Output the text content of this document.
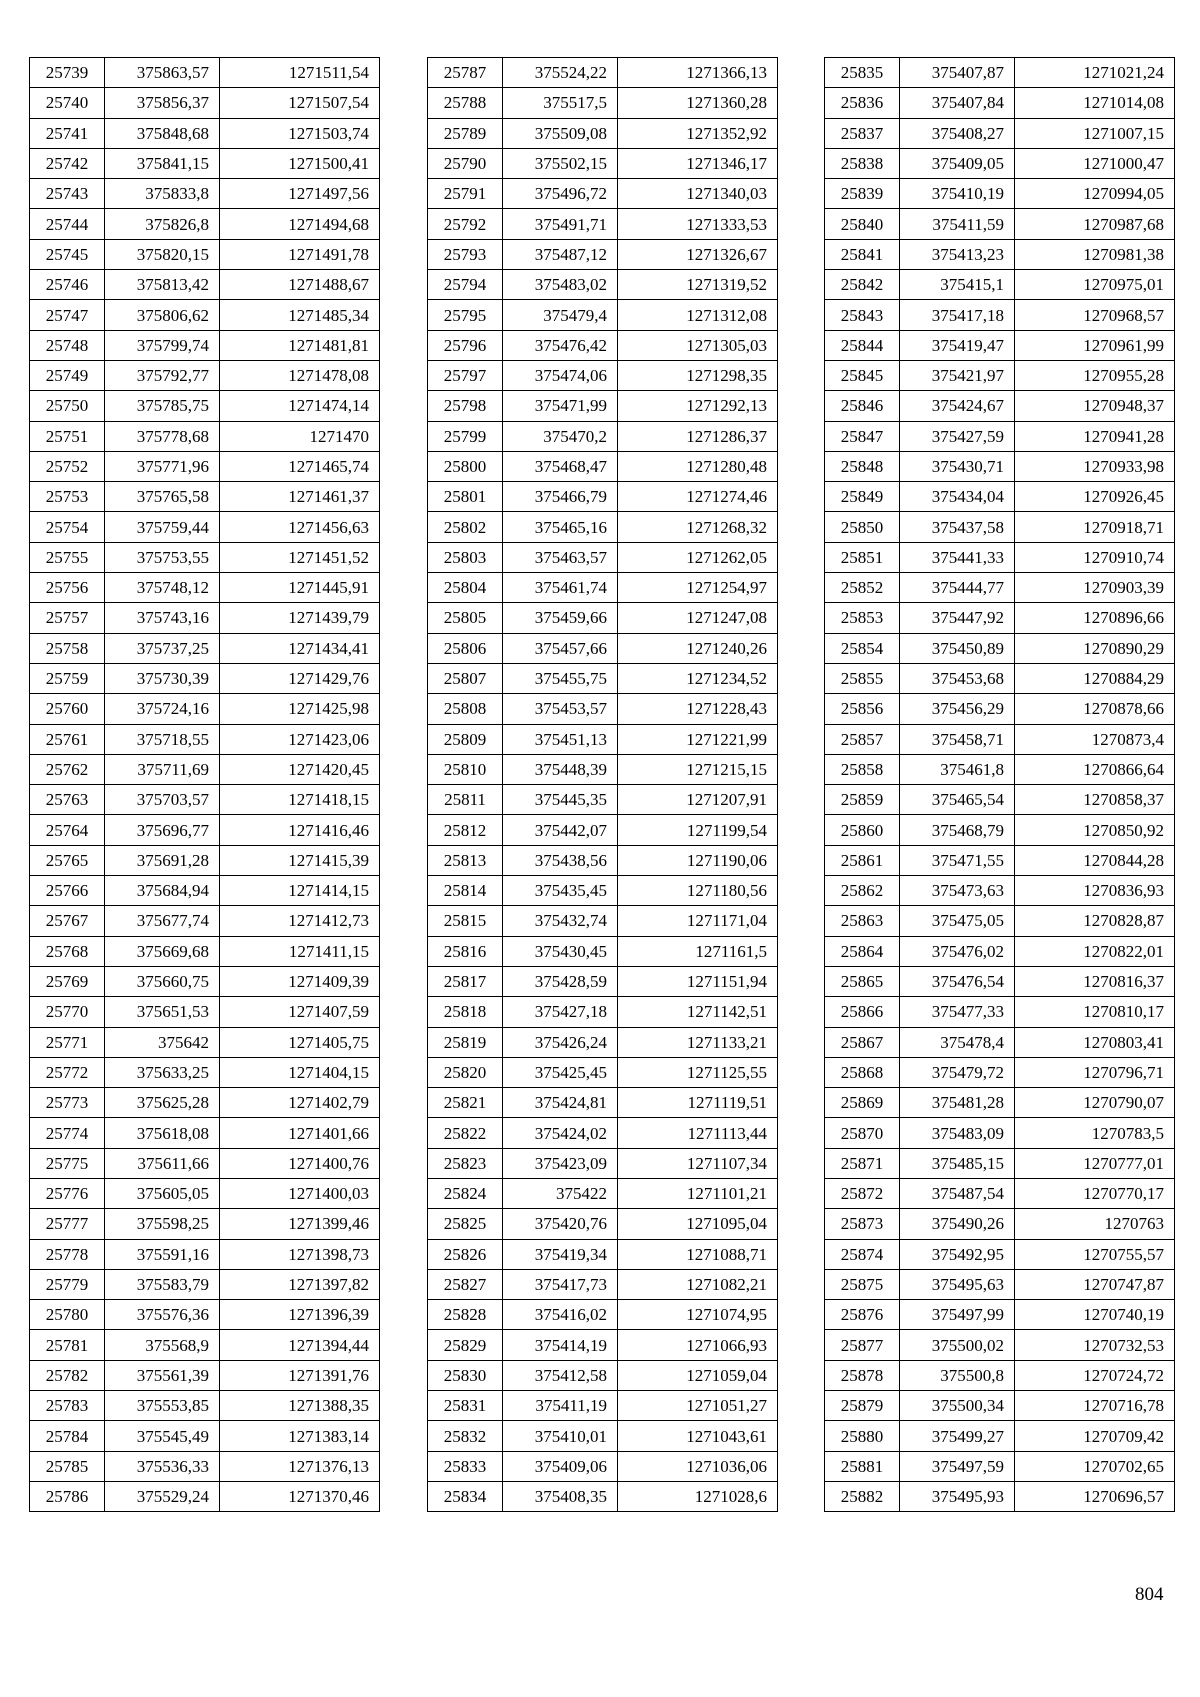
25739	375863,57	1271511,54
25740	375856,37	1271507,54
25741	375848,68	1271503,74
25742	375841,15	1271500,41
25743	375833,8	1271497,56
25744	375826,8	1271494,68
25745	375820,15	1271491,78
25746	375813,42	1271488,67
25747	375806,62	1271485,34
25748	375799,74	1271481,81
25749	375792,77	1271478,08
25750	375785,75	1271474,14
25751	375778,68	1271470
25752	375771,96	1271465,74
25753	375765,58	1271461,37
25754	375759,44	1271456,63
25755	375753,55	1271451,52
25756	375748,12	1271445,91
25757	375743,16	1271439,79
25758	375737,25	1271434,41
25759	375730,39	1271429,76
25760	375724,16	1271425,98
25761	375718,55	1271423,06
25762	375711,69	1271420,45
25763	375703,57	1271418,15
25764	375696,77	1271416,46
25765	375691,28	1271415,39
25766	375684,94	1271414,15
25767	375677,74	1271412,73
25768	375669,68	1271411,15
25769	375660,75	1271409,39
25770	375651,53	1271407,59
25771	375642	1271405,75
25772	375633,25	1271404,15
25773	375625,28	1271402,79
25774	375618,08	1271401,66
25775	375611,66	1271400,76
25776	375605,05	1271400,03
25777	375598,25	1271399,46
25778	375591,16	1271398,73
25779	375583,79	1271397,82
25780	375576,36	1271396,39
25781	375568,9	1271394,44
25782	375561,39	1271391,76
25783	375553,85	1271388,35
25784	375545,49	1271383,14
25785	375536,33	1271376,13
25786	375529,24	1271370,46
25787	375524,22	1271366,13
25788	375517,5	1271360,28
25789	375509,08	1271352,92
25790	375502,15	1271346,17
25791	375496,72	1271340,03
25792	375491,71	1271333,53
25793	375487,12	1271326,67
25794	375483,02	1271319,52
25795	375479,4	1271312,08
25796	375476,42	1271305,03
25797	375474,06	1271298,35
25798	375471,99	1271292,13
25799	375470,2	1271286,37
25800	375468,47	1271280,48
25801	375466,79	1271274,46
25802	375465,16	1271268,32
25803	375463,57	1271262,05
25804	375461,74	1271254,97
25805	375459,66	1271247,08
25806	375457,66	1271240,26
25807	375455,75	1271234,52
25808	375453,57	1271228,43
25809	375451,13	1271221,99
25810	375448,39	1271215,15
25811	375445,35	1271207,91
25812	375442,07	1271199,54
25813	375438,56	1271190,06
25814	375435,45	1271180,56
25815	375432,74	1271171,04
25816	375430,45	1271161,5
25817	375428,59	1271151,94
25818	375427,18	1271142,51
25819	375426,24	1271133,21
25820	375425,45	1271125,55
25821	375424,81	1271119,51
25822	375424,02	1271113,44
25823	375423,09	1271107,34
25824	375422	1271101,21
25825	375420,76	1271095,04
25826	375419,34	1271088,71
25827	375417,73	1271082,21
25828	375416,02	1271074,95
25829	375414,19	1271066,93
25830	375412,58	1271059,04
25831	375411,19	1271051,27
25832	375410,01	1271043,61
25833	375409,06	1271036,06
25834	375408,35	1271028,6
25835	375407,87	1271021,24
25836	375407,84	1271014,08
25837	375408,27	1271007,15
25838	375409,05	1271000,47
25839	375410,19	1270994,05
25840	375411,59	1270987,68
25841	375413,23	1270981,38
25842	375415,1	1270975,01
25843	375417,18	1270968,57
25844	375419,47	1270961,99
25845	375421,97	1270955,28
25846	375424,67	1270948,37
25847	375427,59	1270941,28
25848	375430,71	1270933,98
25849	375434,04	1270926,45
25850	375437,58	1270918,71
25851	375441,33	1270910,74
25852	375444,77	1270903,39
25853	375447,92	1270896,66
25854	375450,89	1270890,29
25855	375453,68	1270884,29
25856	375456,29	1270878,66
25857	375458,71	1270873,4
25858	375461,8	1270866,64
25859	375465,54	1270858,37
25860	375468,79	1270850,92
25861	375471,55	1270844,28
25862	375473,63	1270836,93
25863	375475,05	1270828,87
25864	375476,02	1270822,01
25865	375476,54	1270816,37
25866	375477,33	1270810,17
25867	375478,4	1270803,41
25868	375479,72	1270796,71
25869	375481,28	1270790,07
25870	375483,09	1270783,5
25871	375485,15	1270777,01
25872	375487,54	1270770,17
25873	375490,26	1270763
25874	375492,95	1270755,57
25875	375495,63	1270747,87
25876	375497,99	1270740,19
25877	375500,02	1270732,53
25878	375500,8	1270724,72
25879	375500,34	1270716,78
25880	375499,27	1270709,42
25881	375497,59	1270702,65
25882	375495,93	1270696,57
804
